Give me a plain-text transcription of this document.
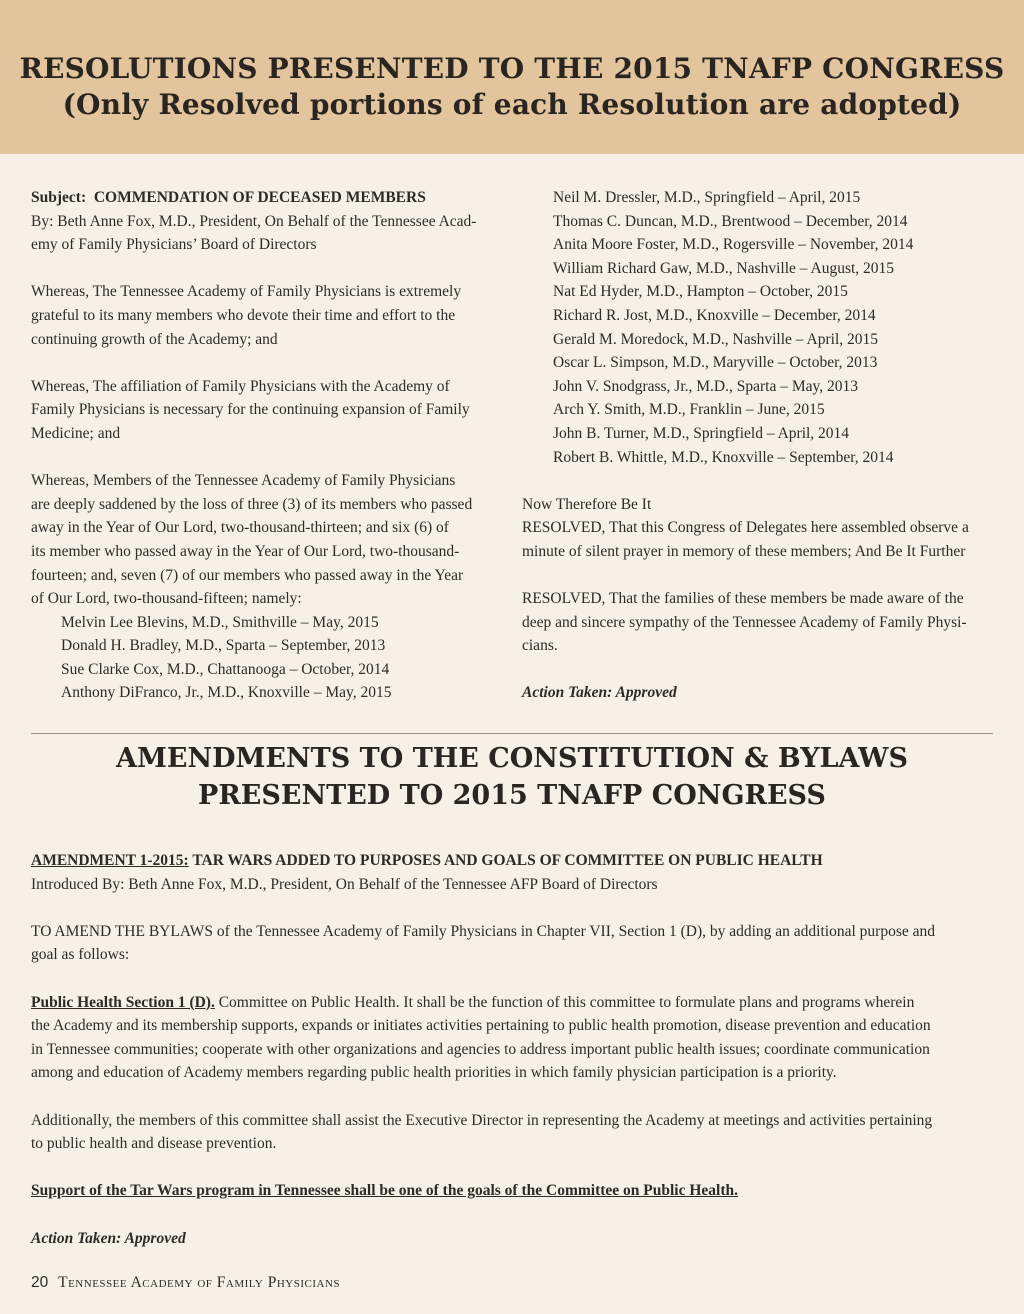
RESOLUTIONS PRESENTED TO THE 2015 TNAFP CONGRESS
(Only Resolved portions of each Resolution are adopted)

Subject: COMMENDATION OF DECEASED MEMBERS

By: Beth Anne Fox, M.D., President, On Behalf of the Tennessee Acad-

emy of Family Physicians’ Board of Directors

Whereas, The Tennessee Academy of Family Physicians is extremely

grateful to its many members who devote their time and effort to the

continuing growth of the Academy; and

Whereas, The affiliation of Family Physicians with the Academy of

Family Physicians is necessary for the continuing expansion of Family

Medicine; and

Whereas, Members of the Tennessee Academy of Family Physicians

are deeply saddened by the loss of three (3) of its members who passed

away in the Year of Our Lord, two-thousand-thirteen; and six (6) of

its member who passed away in the Year of Our Lord, two-thousand-

fourteen; and, seven (7) of our members who passed away in the Year

of Our Lord, two-thousand-fifteen; namely:

Melvin Lee Blevins, M.D., Smithville – May, 2015

Donald H. Bradley, M.D., Sparta – September, 2013

Sue Clarke Cox, M.D., Chattanooga – October, 2014

Anthony DiFranco, Jr., M.D., Knoxville – May, 2015

Neil M. Dressler, M.D., Springfield – April, 2015

Thomas C. Duncan, M.D., Brentwood – December, 2014

Anita Moore Foster, M.D., Rogersville – November, 2014

William Richard Gaw, M.D., Nashville – August, 2015

Nat Ed Hyder, M.D., Hampton – October, 2015

Richard R. Jost, M.D., Knoxville – December, 2014

Gerald M. Moredock, M.D., Nashville – April, 2015

Oscar L. Simpson, M.D., Maryville – October, 2013

John V. Snodgrass, Jr., M.D., Sparta – May, 2013

Arch Y. Smith, M.D., Franklin – June, 2015

John B. Turner, M.D., Springfield – April, 2014

Robert B. Whittle, M.D., Knoxville – September, 2014

Now Therefore Be It

RESOLVED, That this Congress of Delegates here assembled observe a

minute of silent prayer in memory of these members; And Be It Further

RESOLVED, That the families of these members be made aware of the

deep and sincere sympathy of the Tennessee Academy of Family Physi-

cians.

Action Taken: Approved

AMENDMENTS TO THE CONSTITUTION & BYLAWS
PRESENTED TO 2015 TNAFP CONGRESS

AMENDMENT 1-2015: TAR WARS ADDED TO PURPOSES AND GOALS OF COMMITTEE ON PUBLIC HEALTH

Introduced By: Beth Anne Fox, M.D., President, On Behalf of the Tennessee AFP Board of Directors

TO AMEND THE BYLAWS of the Tennessee Academy of Family Physicians in Chapter VII, Section 1 (D), by adding an additional purpose and

goal as follows:

Public Health Section 1 (D). Committee on Public Health. It shall be the function of this committee to formulate plans and programs wherein

the Academy and its membership supports, expands or initiates activities pertaining to public health promotion, disease prevention and education

in Tennessee communities; cooperate with other organizations and agencies to address important public health issues; coordinate communication

among and education of Academy members regarding public health priorities in which family physician participation is a priority.

Additionally, the members of this committee shall assist the Executive Director in representing the Academy at meetings and activities pertaining

to public health and disease prevention.

Support of the Tar Wars program in Tennessee shall be one of the goals of the Committee on Public Health.

Action Taken: Approved

20 Tennessee Academy of Family Physicians
